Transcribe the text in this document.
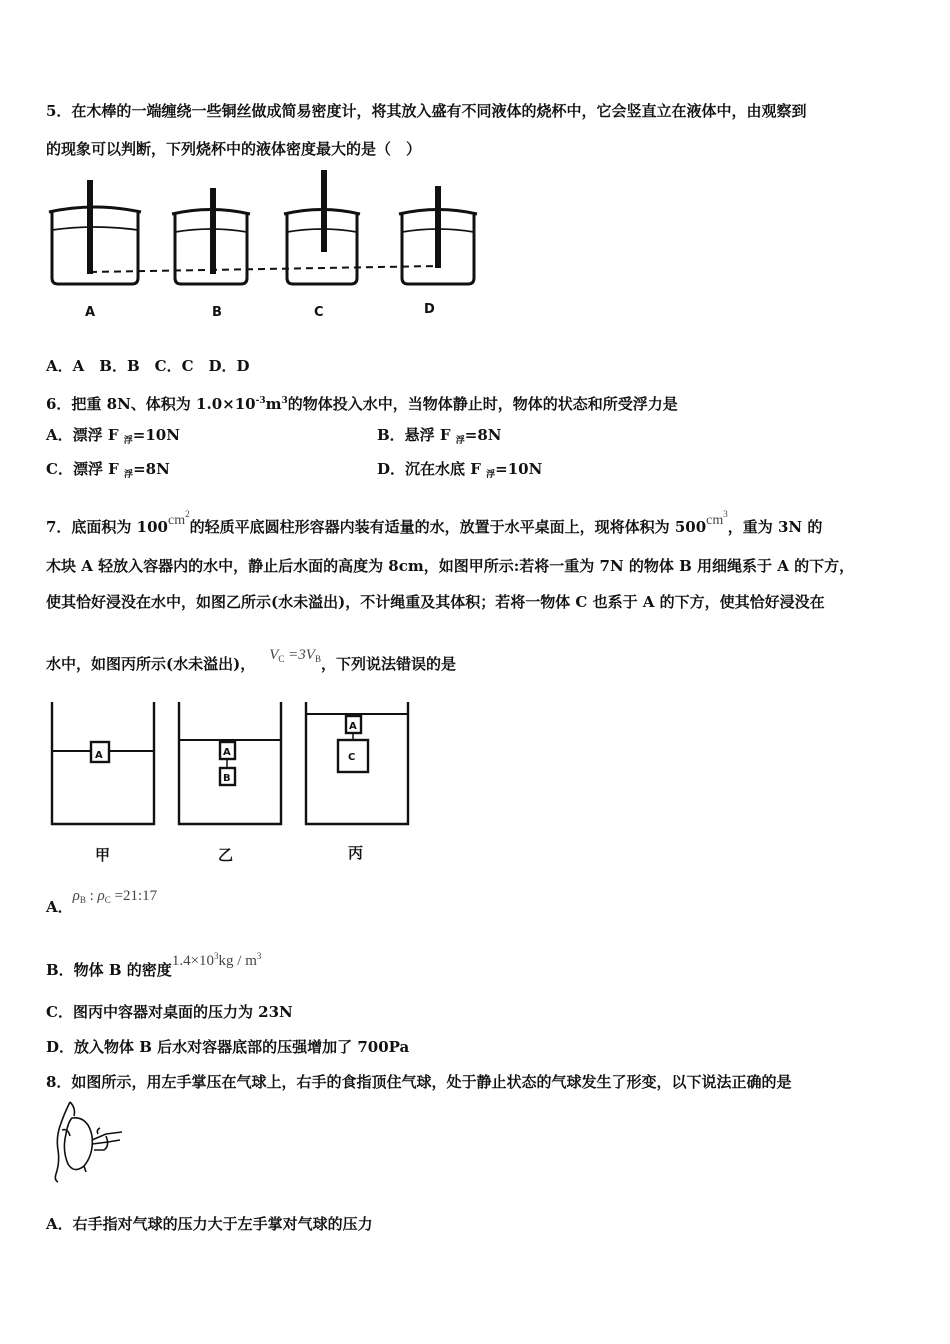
5．在木棒的一端缠绕一些铜丝做成简易密度计，将其放入盛有不同液体的烧杯中，它会竖直立在液体中，由观察到
的现象可以判断，下列烧杯中的液体密度最大的是（　）
A	B	C	D
A．A　B．B　C．C　D．D
6．把重 8N、体积为 $1.0\times 10^{-3}m^3$的物体投入水中，当物体静止时，物体的状态和所受浮力是
A．漂浮 F $_浮$=10N	B．悬浮 F $_浮$=8N
C．漂浮 F $_浮$=8N	D．沉在水底 F $_浮$=10N
7．底面积为 $100cm^2$的轻质平底圆柱形容器内装有适量的水，放置于水平桌面上，现将体积为 $500cm^3$，重为 3N 的
木块 A 轻放入容器内的水中，静止后水面的高度为 8cm，如图甲所示:若将一重为 7N 的物体 B 用细绳系于 A 的下方，
使其恰好浸没在水中，如图乙所示(水未溢出)，不计绳重及其体积；若将一物体 C 也系于 A 的下方，使其恰好浸没在
水中，如图丙所示(水未溢出)， $V_C =3V_B$，下列说法错误的是
A	A
B
A
C
甲	乙	丙
A．$\rho_B$ : $\rho_C$ =21:17
B．物体 B 的密度$1.4\times 10^3kg / m^3$
C．图丙中容器对桌面的压力为 23N
D．放入物体 B 后水对容器底部的压强增加了 700Pa
8．如图所示，用左手掌压在气球上，右手的食指顶住气球，处于静止状态的气球发生了形变，以下说法正确的是
A．右手指对气球的压力大于左手掌对气球的压力
